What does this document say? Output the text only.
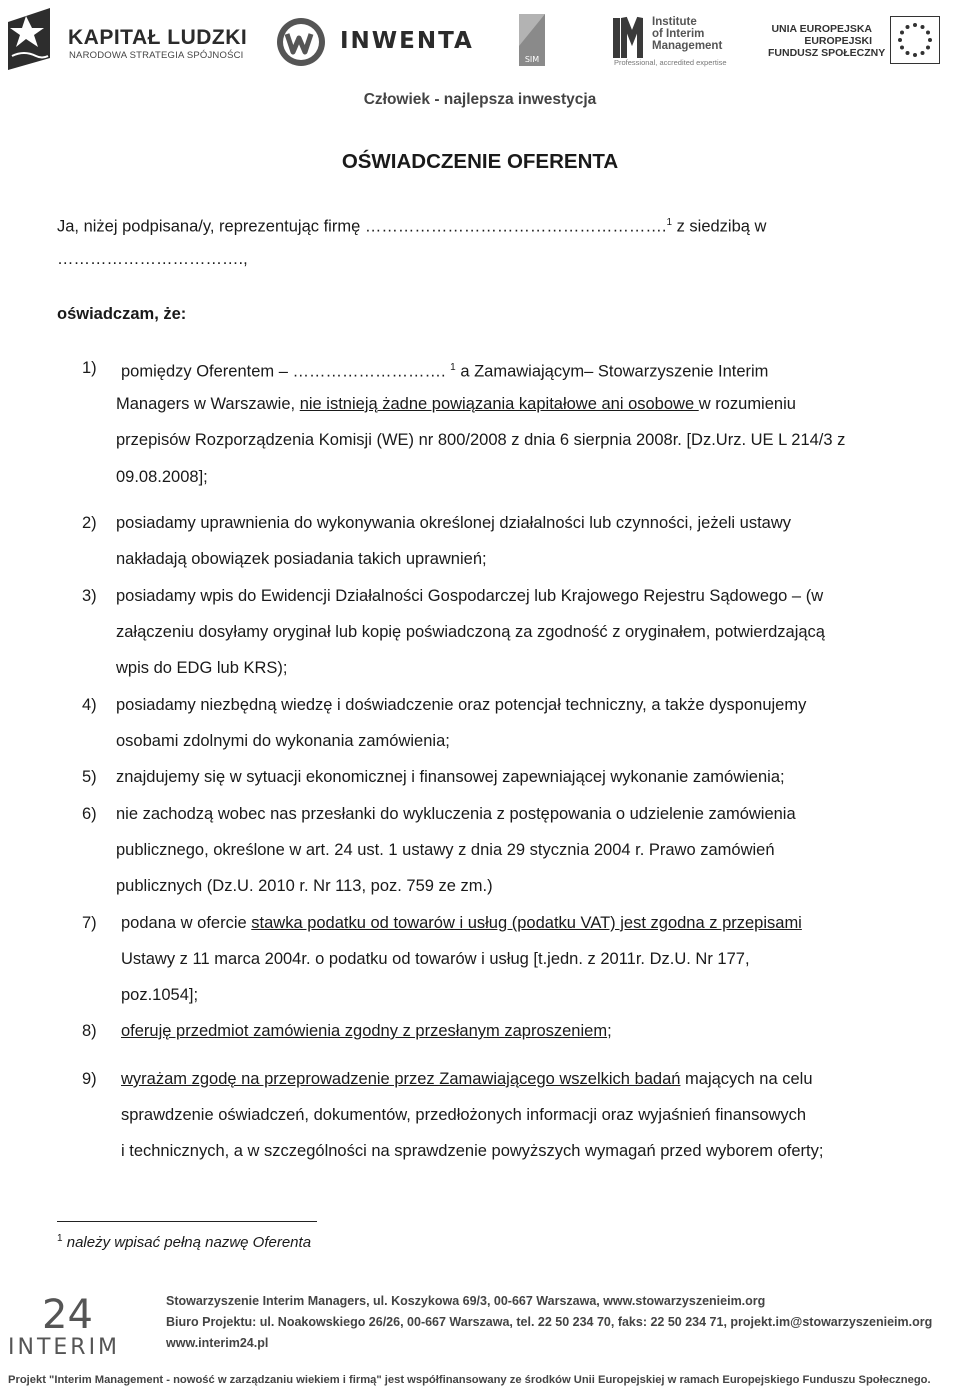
KAPITAŁ LUDZKI
NARODOWA STRATEGIA SPÓJNOŚCI
INWENTA
SIM
Institute
of Interim
Management
Professional, accredited expertise
UNIA EUROPEJSKA
EUROPEJSKI
FUNDUSZ SPOŁECZNY
Człowiek - najlepsza inwestycja
OŚWIADCZENIE OFERENTA
Ja, niżej podpisana/y, reprezentując firmę ……………………………………………….$^1$ z siedzibą w
…………………………….,
oświadczam, że:
1) pomiędzy Oferentem – ………………………. $^1$ a Zamawiającym– Stowarzyszenie Interim
Managers w Warszawie, nie istnieją żadne powiązania kapitałowe ani osobowe w rozumieniu
przepisów Rozporządzenia Komisji (WE) nr 800/2008 z dnia 6 sierpnia 2008r. [Dz.Urz. UE L 214/3 z
09.08.2008];
2) posiadamy uprawnienia do wykonywania określonej działalności lub czynności, jeżeli ustawy
nakładają obowiązek posiadania takich uprawnień;
3) posiadamy wpis do Ewidencji Działalności Gospodarczej lub Krajowego Rejestru Sądowego – (w
załączeniu dosyłamy oryginał lub kopię poświadczoną za zgodność z oryginałem, potwierdzającą
wpis do EDG lub KRS);
4) posiadamy niezbędną wiedzę i doświadczenie oraz potencjał techniczny, a także dysponujemy
osobami zdolnymi do wykonania zamówienia;
5) znajdujemy się w sytuacji ekonomicznej i finansowej zapewniającej wykonanie zamówienia;
6) nie zachodzą wobec nas przesłanki do wykluczenia z postępowania o udzielenie zamówienia
publicznego, określone w art. 24 ust. 1 ustawy z dnia 29 stycznia 2004 r. Prawo zamówień
publicznych (Dz.U. 2010 r. Nr 113, poz. 759 ze zm.)
7) podana w ofercie stawka podatku od towarów i usług (podatku VAT) jest zgodna z przepisami
Ustawy z 11 marca 2004r. o podatku od towarów i usług [t.jedn. z 2011r. Dz.U. Nr 177,
poz.1054];
8) oferuję przedmiot zamówienia zgodny z przesłanym zaproszeniem;
9) wyrażam zgodę na przeprowadzenie przez Zamawiającego wszelkich badań mających na celu
sprawdzenie oświadczeń, dokumentów, przedłożonych informacji oraz wyjaśnień finansowych
i technicznych, a w szczególności na sprawdzenie powyższych wymagań przed wyborem oferty;
$^1$ należy wpisać pełną nazwę Oferenta
24
INTERIM
Stowarzyszenie Interim Managers, ul. Koszykowa 69/3, 00-667 Warszawa, www.stowarzyszenieim.org
Biuro Projektu: ul. Noakowskiego 26/26, 00-667 Warszawa, tel. 22 50 234 70, faks: 22 50 234 71, projekt.im@stowarzyszenieim.org
www.interim24.pl
Projekt "Interim Management - nowość w zarządzaniu wiekiem i firmą" jest współfinansowany ze środków Unii Europejskiej w ramach Europejskiego Funduszu Społecznego.
